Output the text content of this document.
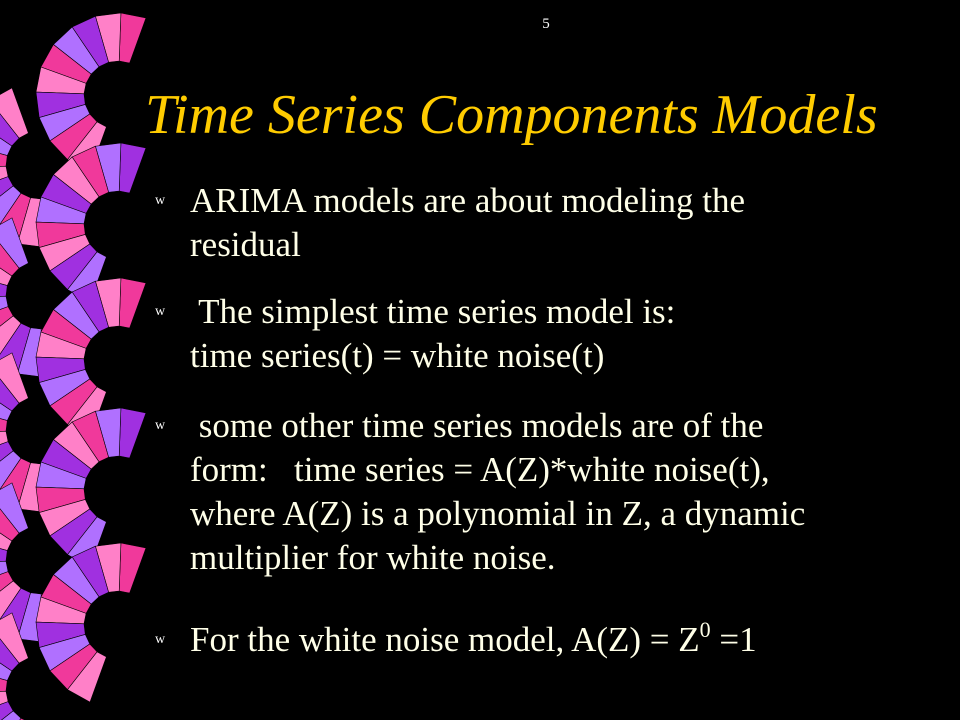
5
Time Series Components Models
w ARIMA models are about modeling the
residual
w The simplest time series model is:
time series(t) = white noise(t)
w some other time series models are of the
form:   time series = A(Z)*white noise(t),
where A(Z) is a polynomial in Z, a dynamic
multiplier for white noise.
w For the white noise model, $A(Z) = Z^0 =1$
